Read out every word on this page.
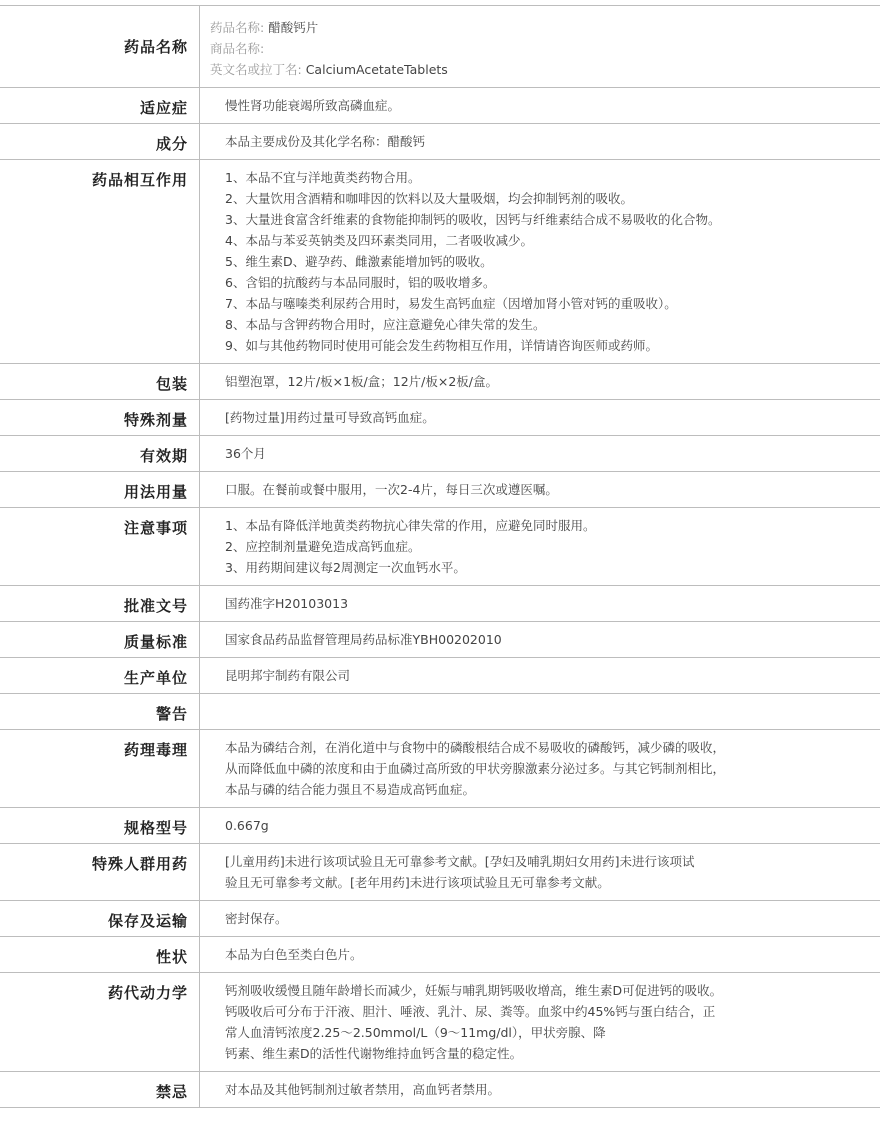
药品名称
药品名称: 醋酸钙片
商品名称:
英文名或拉丁名: CalciumAcetateTablets
适应症	慢性肾功能衰竭所致高磷血症。
成分	本品主要成份及其化学名称：醋酸钙
药品相互作用	1、本品不宜与洋地黄类药物合用。
2、大量饮用含酒精和咖啡因的饮料以及大量吸烟，均会抑制钙剂的吸收。
3、大量进食富含纤维素的食物能抑制钙的吸收，因钙与纤维素结合成不易吸收的化合物。
4、本品与苯妥英钠类及四环素类同用，二者吸收减少。
5、维生素D、避孕药、雌激素能增加钙的吸收。
6、含铝的抗酸药与本品同服时，铝的吸收增多。
7、本品与噻嗪类利尿药合用时，易发生高钙血症（因增加肾小管对钙的重吸收）。
8、本品与含钾药物合用时，应注意避免心律失常的发生。
9、如与其他药物同时使用可能会发生药物相互作用，详情请咨询医师或药师。
包装	铝塑泡罩，12片/板×1板/盒；12片/板×2板/盒。
特殊剂量	[药物过量]用药过量可导致高钙血症。
有效期	36个月
用法用量	口服。在餐前或餐中服用，一次2-4片，每日三次或遵医嘱。
注意事项	1、本品有降低洋地黄类药物抗心律失常的作用，应避免同时服用。
2、应控制剂量避免造成高钙血症。
3、用药期间建议每2周测定一次血钙水平。
批准文号	国药准字H20103013
质量标准	国家食品药品监督管理局药品标准YBH00202010
生产单位	昆明邦宇制药有限公司
警告

药理毒理	本品为磷结合剂，在消化道中与食物中的磷酸根结合成不易吸收的磷酸钙，减少磷的吸收，
从而降低血中磷的浓度和由于血磷过高所致的甲状旁腺激素分泌过多。与其它钙制剂相比，
本品与磷的结合能力强且不易造成高钙血症。
规格型号	0.667g
特殊人群用药	[儿童用药]未进行该项试验且无可靠参考文献。[孕妇及哺乳期妇女用药]未进行该项试
验且无可靠参考文献。[老年用药]未进行该项试验且无可靠参考文献。
保存及运输	密封保存。
性状	本品为白色至类白色片。
药代动力学	钙剂吸收缓慢且随年龄增长而减少，妊娠与哺乳期钙吸收增高，维生素D可促进钙的吸收。
钙吸收后可分布于汗液、胆汁、唾液、乳汁、尿、粪等。血浆中约45%钙与蛋白结合，正
常人血清钙浓度2.25～2.50mmol/L（9～11mg/dl），甲状旁腺、降
钙素、维生素D的活性代谢物维持血钙含量的稳定性。
禁忌	对本品及其他钙制剂过敏者禁用，高血钙者禁用。
